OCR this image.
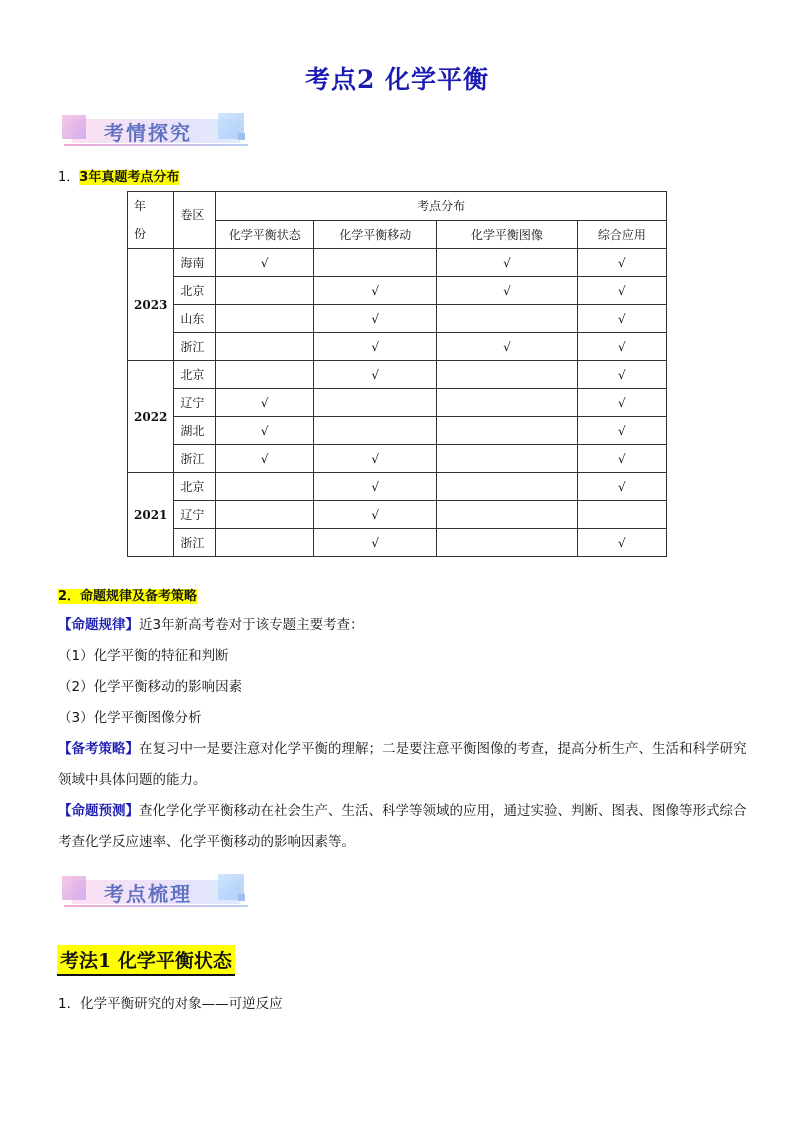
考点2 化学平衡
考情探究
1．3年真题考点分布
年
份	卷区	考点分布			
		化学平衡状态	化学平衡移动	化学平衡图像	综合应用
2023	海南	√		√	√
	北京		√	√	√
	山东		√		√
	浙江		√	√	√
2022	北京		√		√
	辽宁	√			√
	湖北	√			√
	浙江	√	√		√
2021	北京		√		√
	辽宁		√		
	浙江		√		√
2．命题规律及备考策略
【命题规律】近3年新高考卷对于该专题主要考查：
（1）化学平衡的特征和判断
（2）化学平衡移动的影响因素
（3）化学平衡图像分析
【备考策略】在复习中一是要注意对化学平衡的理解；二是要注意平衡图像的考查，提高分析生产、生活和科学研究领域中具体问题的能力。
【命题预测】查化学化学平衡移动在社会生产、生活、科学等领域的应用，通过实验、判断、图表、图像等形式综合考查化学反应速率、化学平衡移动的影响因素等。
考点梳理
考法1 化学平衡状态
1．化学平衡研究的对象——可逆反应
